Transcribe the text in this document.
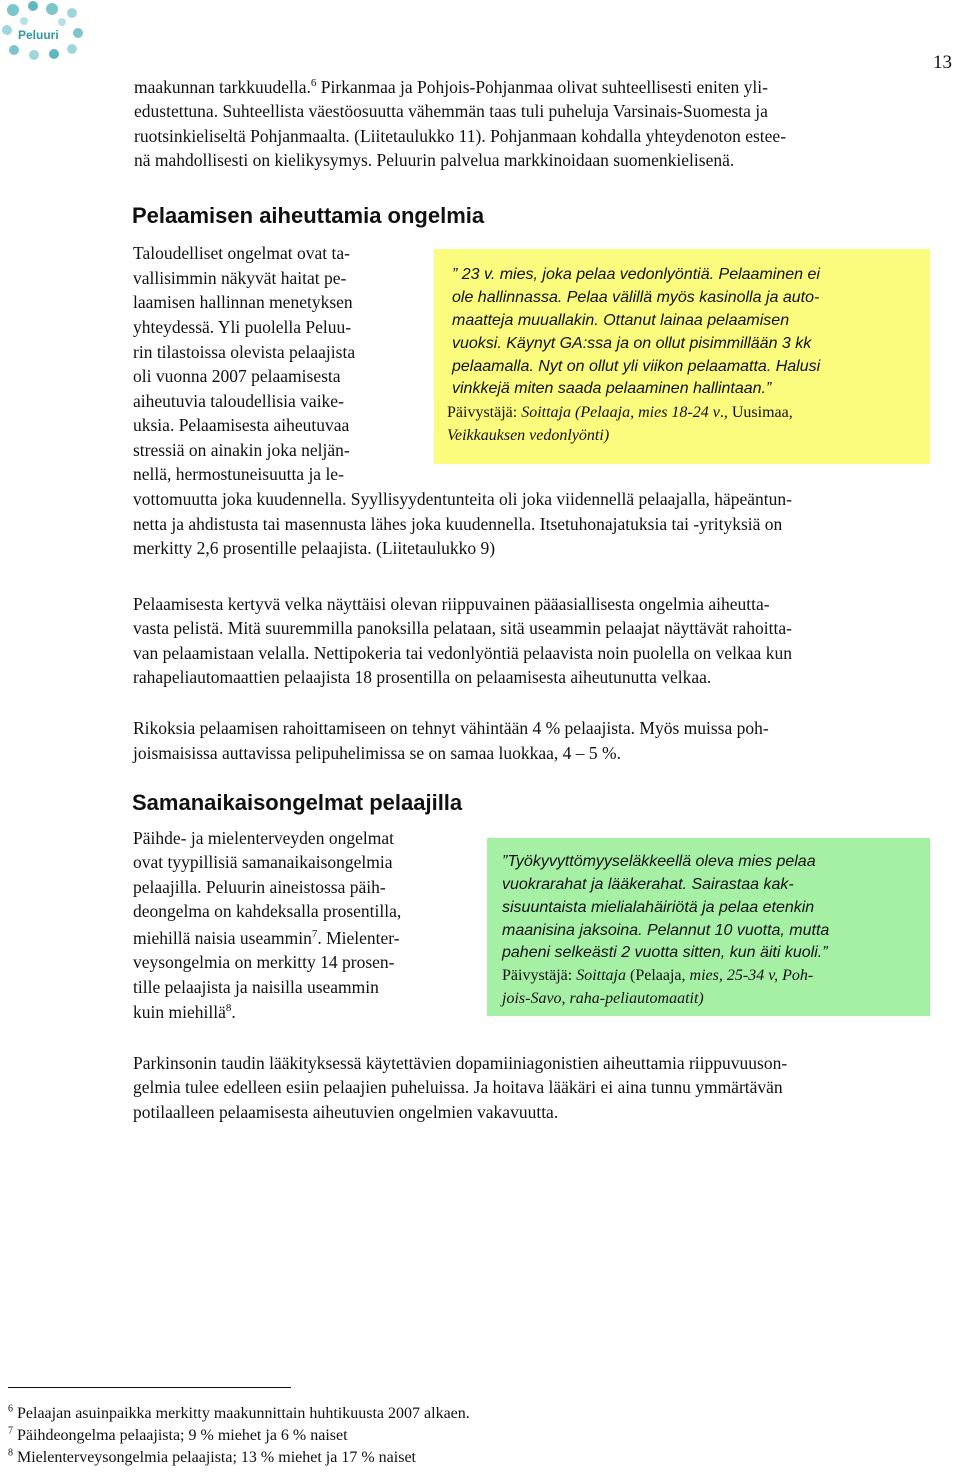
Peluuri
13
maakunnan tarkkuudella.$^6$ Pirkanmaa ja Pohjois-Pohjanmaa olivat suhteellisesti eniten yli-
edustettuna. Suhteellista väestöosuutta vähemmän taas tuli puheluja Varsinais-Suomesta ja
ruotsinkieliseltä Pohjanmaalta. (Liitetaulukko 11). Pohjanmaan kohdalla yhteydenoton estee-
nä mahdollisesti on kielikysymys. Peluurin palvelua markkinoidaan suomenkielisenä.
Pelaamisen aiheuttamia ongelmia
Taloudelliset ongelmat ovat ta-
vallisimmin näkyvät haitat pe-
laamisen hallinnan menetyksen
yhteydessä. Yli puolella Peluu-
rin tilastoissa olevista pelaajista
oli vuonna 2007 pelaamisesta
aiheutuvia taloudellisia vaike-
uksia. Pelaamisesta aiheutuvaa
stressiä on ainakin joka neljän-
nellä, hermostuneisuutta ja le-
” 23 v. mies, joka pelaa vedonlyöntiä. Pelaaminen ei
ole hallinnassa. Pelaa välillä myös kasinolla ja auto-
maatteja muuallakin. Ottanut lainaa pelaamisen
vuoksi. Käynyt GA:ssa ja on ollut pisimmillään 3 kk
pelaamalla. Nyt on ollut yli viikon pelaamatta. Halusi
vinkkejä miten saada pelaaminen hallintaan.”
Päivystäjä: Soittaja (Pelaaja, mies 18-24 v., Uusimaa,
Veikkauksen vedonlyönti)
vottomuutta joka kuudennella. Syyllisyydentunteita oli joka viidennellä pelaajalla, häpeäntun-
netta ja ahdistusta tai masennusta lähes joka kuudennella. Itsetuhonajatuksia tai -yrityksiä on
merkitty 2,6 prosentille pelaajista. (Liitetaulukko 9)
Pelaamisesta kertyvä velka näyttäisi olevan riippuvainen pääasiallisesta ongelmia aiheutta-
vasta pelistä. Mitä suuremmilla panoksilla pelataan, sitä useammin pelaajat näyttävät rahoitta-
van pelaamistaan velalla. Nettipokeria tai vedonlyöntiä pelaavista noin puolella on velkaa kun
rahapeliautomaattien pelaajista 18 prosentilla on pelaamisesta aiheutunutta velkaa.
Rikoksia pelaamisen rahoittamiseen on tehnyt vähintään 4 % pelaajista. Myös muissa poh-
joismaisissa auttavissa pelipuhelimissa se on samaa luokkaa, 4 – 5 %.
Samanaikaisongelmat pelaajilla
Päihde- ja mielenterveyden ongelmat
ovat tyypillisiä samanaikaisongelmia
pelaajilla. Peluurin aineistossa päih-
deongelma on kahdeksalla prosentilla,
miehillä naisia useammin$^7$. Mielenter-
veysongelmia on merkitty 14 prosen-
tille pelaajista ja naisilla useammin
kuin miehillä$^8$.
”Työkyvyttömyyseläkkeellä oleva mies pelaa
vuokrarahat ja lääkerahat. Sairastaa kak-
sisuuntaista mielialahäiriötä ja pelaa etenkin
maanisina jaksoina. Pelannut 10 vuotta, mutta
paheni selkeästi 2 vuotta sitten, kun äiti kuoli.”
Päivystäjä: Soittaja (Pelaaja, mies, 25-34 v, Poh-
jois-Savo, raha-peliautomaatit)
Parkinsonin taudin lääkityksessä käytettävien dopamiiniagonistien aiheuttamia riippuvuuson-
gelmia tulee edelleen esiin pelaajien puheluissa. Ja hoitava lääkäri ei aina tunnu ymmärtävän
potilaalleen pelaamisesta aiheutuvien ongelmien vakavuutta.
$^6$ Pelaajan asuinpaikka merkitty maakunnittain huhtikuusta 2007 alkaen.
$^7$ Päihdeongelma pelaajista; 9 % miehet ja 6 % naiset
$^8$ Mielenterveysongelmia pelaajista; 13 % miehet ja 17 % naiset
